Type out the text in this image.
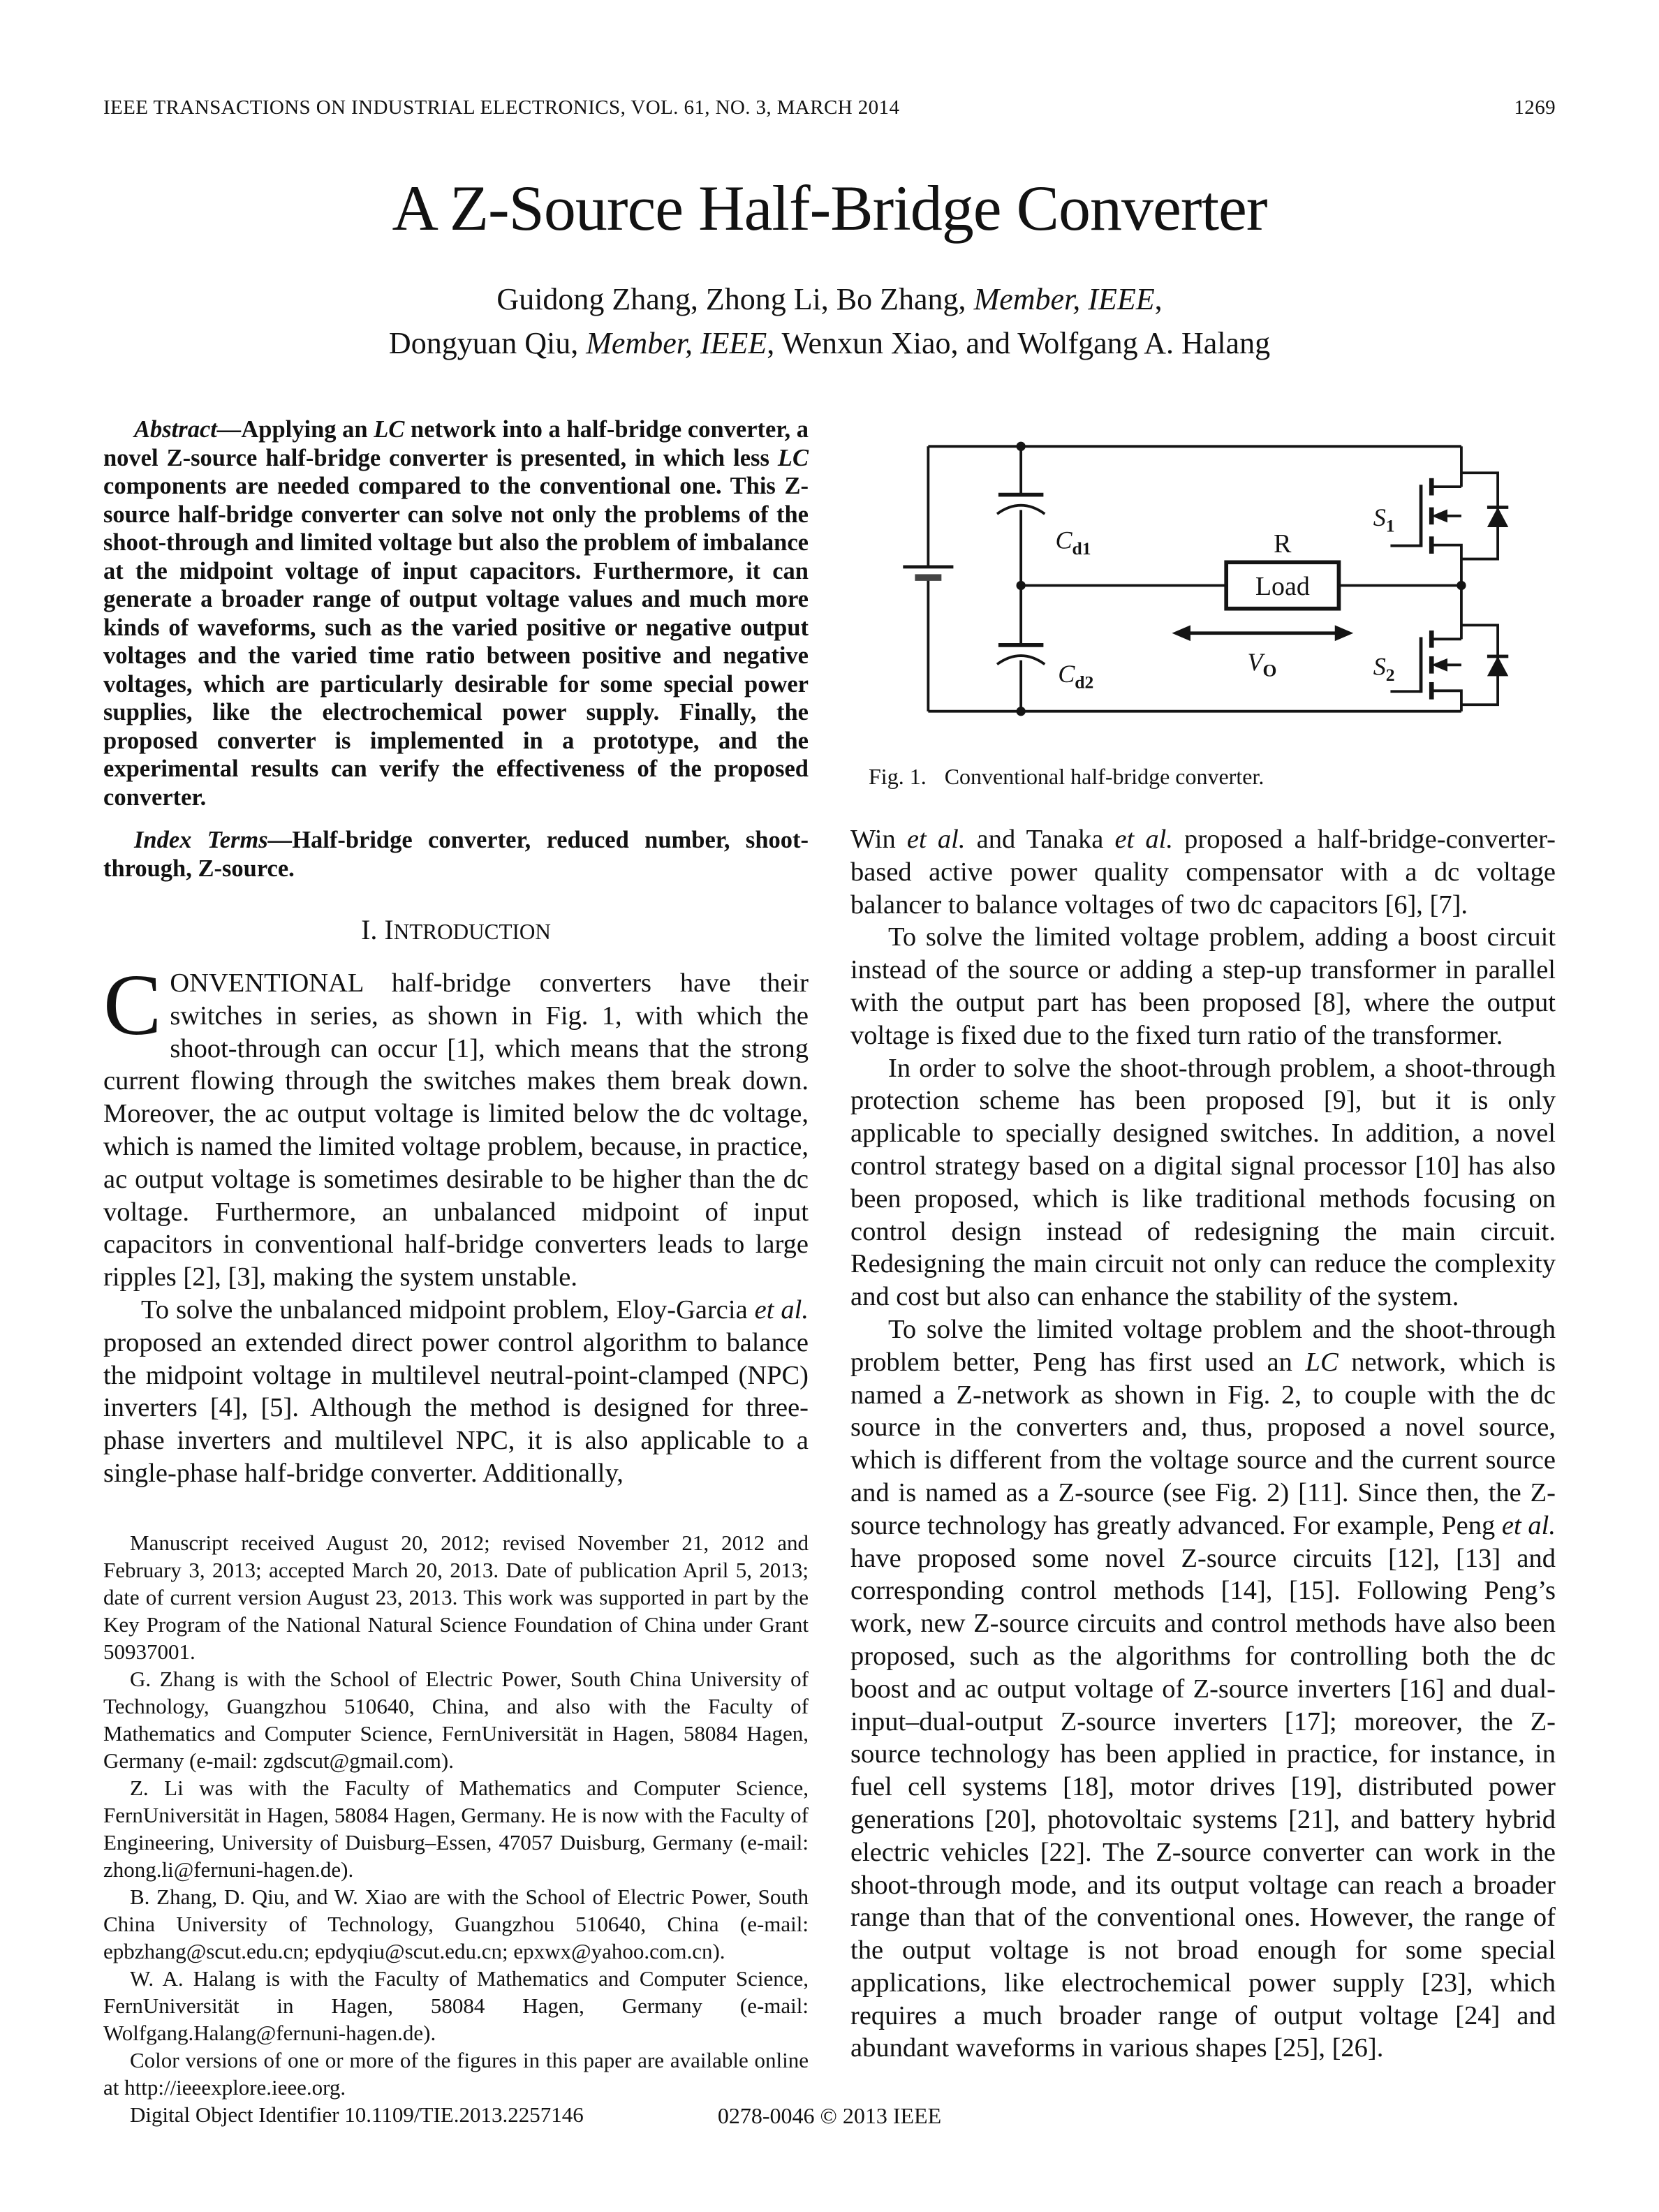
IEEE TRANSACTIONS ON INDUSTRIAL ELECTRONICS, VOL. 61, NO. 3, MARCH 2014	1269
A Z-Source Half-Bridge Converter

Guidong Zhang, Zhong Li, Bo Zhang, Member, IEEE,

Dongyuan Qiu, Member, IEEE, Wenxun Xiao, and Wolfgang A. Halang

Abstract—Applying an LC network into a half-bridge converter, a novel Z-source half-bridge converter is presented, in which less LC components are needed compared to the conventional one. This Z-source half-bridge converter can solve not only the problems of the shoot-through and limited voltage but also the problem of imbalance at the midpoint voltage of input capacitors. Furthermore, it can generate a broader range of output voltage values and much more kinds of waveforms, such as the varied positive or negative output voltages and the varied time ratio between positive and negative voltages, which are particularly desirable for some special power supplies, like the electrochemical power supply. Finally, the proposed converter is implemented in a prototype, and the experimental results can verify the effectiveness of the proposed converter.

Index Terms—Half-bridge converter, reduced number, shoot-through, Z-source.

I. INTRODUCTION

CONVENTIONAL half-bridge converters have their switches in series, as shown in Fig. 1, with which the shoot-through can occur [1], which means that the strong current flowing through the switches makes them break down. Moreover, the ac output voltage is limited below the dc voltage, which is named the limited voltage problem, because, in practice, ac output voltage is sometimes desirable to be higher than the dc voltage. Furthermore, an unbalanced midpoint of input capacitors in conventional half-bridge converters leads to large ripples [2], [3], making the system unstable.

To solve the unbalanced midpoint problem, Eloy-Garcia et al. proposed an extended direct power control algorithm to balance the midpoint voltage in multilevel neutral-point-clamped (NPC) inverters [4], [5]. Although the method is designed for three-phase inverters and multilevel NPC, it is also applicable to a single-phase half-bridge converter. Additionally,

Manuscript received August 20, 2012; revised November 21, 2012 and February 3, 2013; accepted March 20, 2013. Date of publication April 5, 2013; date of current version August 23, 2013. This work was supported in part by the Key Program of the National Natural Science Foundation of China under Grant 50937001.

G. Zhang is with the School of Electric Power, South China University of Technology, Guangzhou 510640, China, and also with the Faculty of Mathematics and Computer Science, FernUniversität in Hagen, 58084 Hagen, Germany (e-mail: zgdscut@gmail.com).

Z. Li was with the Faculty of Mathematics and Computer Science, FernUniversität in Hagen, 58084 Hagen, Germany. He is now with the Faculty of Engineering, University of Duisburg–Essen, 47057 Duisburg, Germany (e-mail: zhong.li@fernuni-hagen.de).

B. Zhang, D. Qiu, and W. Xiao are with the School of Electric Power, South China University of Technology, Guangzhou 510640, China (e-mail: epbzhang@scut.edu.cn; epdyqiu@scut.edu.cn; epxwx@yahoo.com.cn).

W. A. Halang is with the Faculty of Mathematics and Computer Science, FernUniversität in Hagen, 58084 Hagen, Germany (e-mail: Wolfgang.Halang@fernuni-hagen.de).

Color versions of one or more of the figures in this paper are available online at http://ieeexplore.ieee.org.

Digital Object Identifier 10.1109/TIE.2013.2257146

$C_{d1}$
$C_{d2}$
R
Load
$V_O$
$S_1$
$S_2$
Fig. 1. Conventional half-bridge converter.

Win et al. and Tanaka et al. proposed a half-bridge-converter-based active power quality compensator with a dc voltage balancer to balance voltages of two dc capacitors [6], [7].

To solve the limited voltage problem, adding a boost circuit instead of the source or adding a step-up transformer in parallel with the output part has been proposed [8], where the output voltage is fixed due to the fixed turn ratio of the transformer.

In order to solve the shoot-through problem, a shoot-through protection scheme has been proposed [9], but it is only applicable to specially designed switches. In addition, a novel control strategy based on a digital signal processor [10] has also been proposed, which is like traditional methods focusing on control design instead of redesigning the main circuit. Redesigning the main circuit not only can reduce the complexity and cost but also can enhance the stability of the system.

To solve the limited voltage problem and the shoot-through problem better, Peng has first used an LC network, which is named a Z-network as shown in Fig. 2, to couple with the dc source in the converters and, thus, proposed a novel source, which is different from the voltage source and the current source and is named as a Z-source (see Fig. 2) [11]. Since then, the Z-source technology has greatly advanced. For example, Peng et al. have proposed some novel Z-source circuits [12], [13] and corresponding control methods [14], [15]. Following Peng’s work, new Z-source circuits and control methods have also been proposed, such as the algorithms for controlling both the dc boost and ac output voltage of Z-source inverters [16] and dual-input–dual-output Z-source inverters [17]; moreover, the Z-source technology has been applied in practice, for instance, in fuel cell systems [18], motor drives [19], distributed power generations [20], photovoltaic systems [21], and battery hybrid electric vehicles [22]. The Z-source converter can work in the shoot-through mode, and its output voltage can reach a broader range than that of the conventional ones. However, the range of the output voltage is not broad enough for some special applications, like electrochemical power supply [23], which requires a much broader range of output voltage [24] and abundant waveforms in various shapes [25], [26].

0278-0046 © 2013 IEEE
